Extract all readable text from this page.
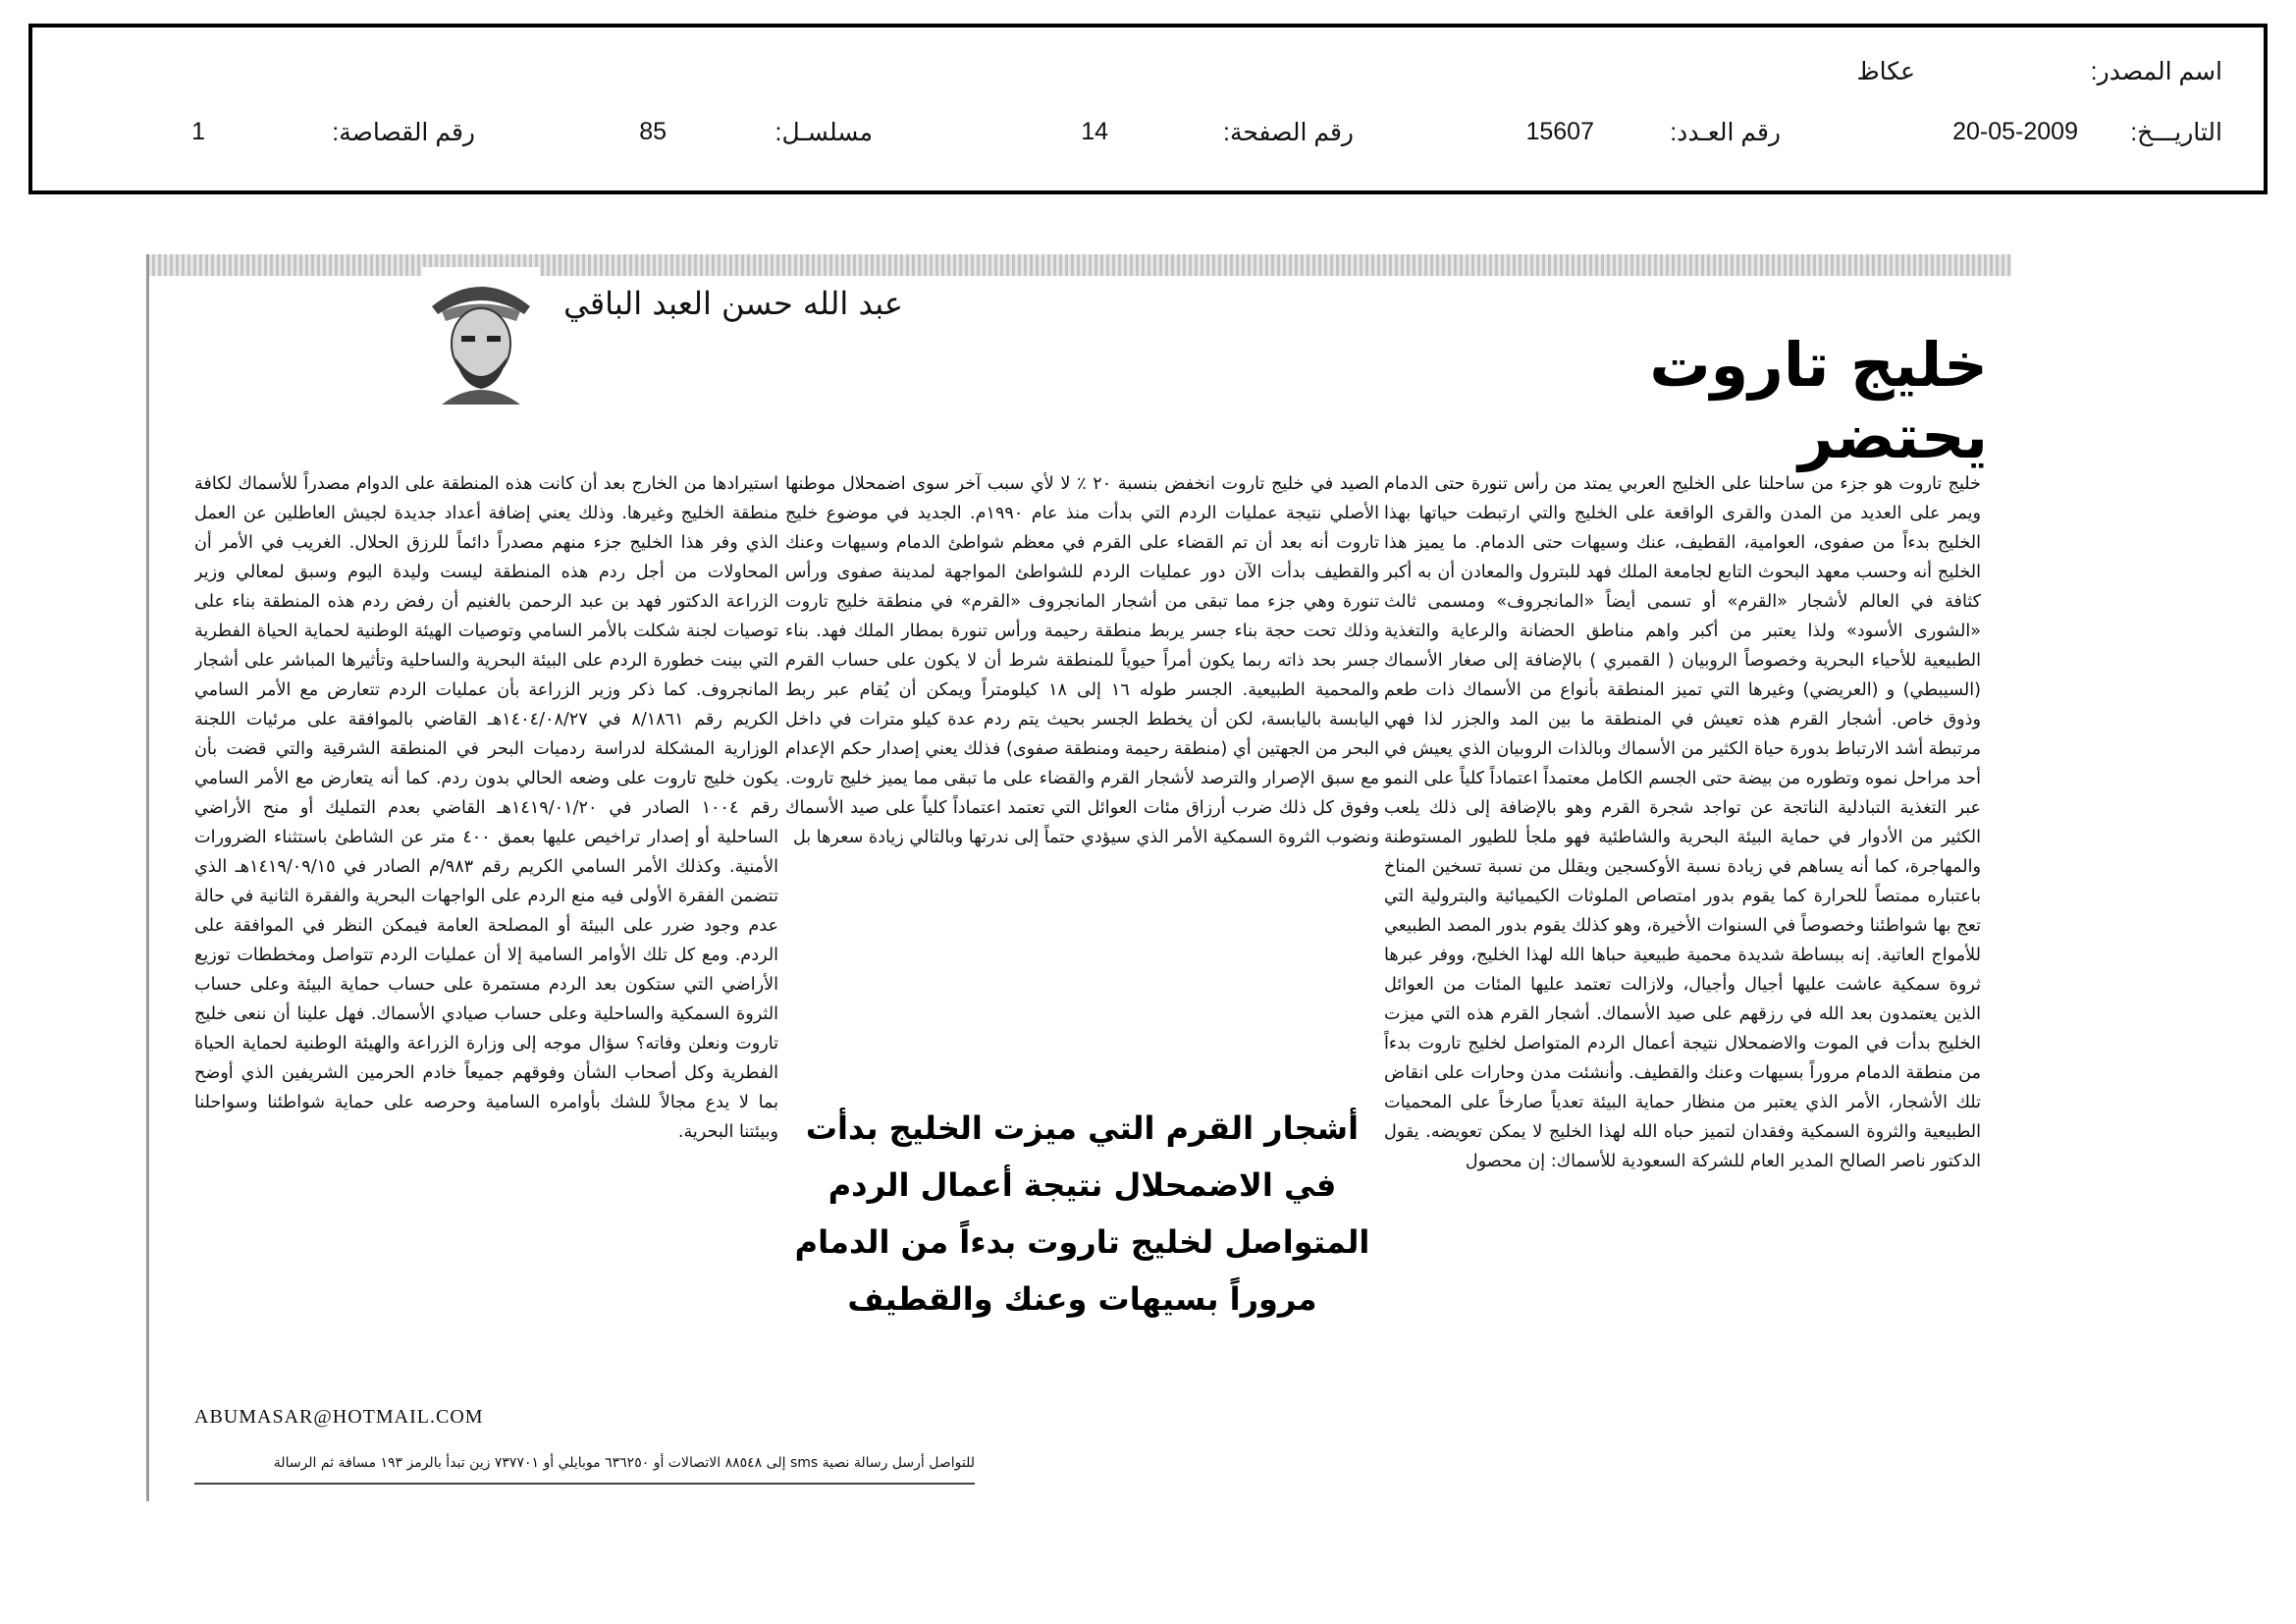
اسم المصدر:
عكاظ
التاريـــخ:
20-05-2009
رقم العـدد:
15607
رقم الصفحة:
14
مسلسـل:
85
رقم القصاصة:
1
خليج تاروت يحتضر
عبد الله حسن العبد الباقي

خليج تاروت هو جزء من ساحلنا على الخليج العربي يمتد من رأس تنورة حتى الدمام ويمر على العديد من المدن والقرى الواقعة على الخليج والتي ارتبطت حياتها بهذا الخليج بدءاً من صفوى، العوامية، القطيف، عنك وسيهات حتى الدمام. ما يميز هذا الخليج أنه وحسب معهد البحوث التابع لجامعة الملك فهد للبترول والمعادن أن به أكبر كثافة في العالم لأشجار «القرم» أو تسمى أيضاً «المانجروف» ومسمى ثالث «الشورى الأسود» ولذا يعتبر من أكبر واهم مناطق الحضانة والرعاية والتغذية الطبيعية للأحياء البحرية وخصوصاً الروبيان ( القمبري ) بالإضافة إلى صغار الأسماك (السيبطي) و (العريضي) وغيرها التي تميز المنطقة بأنواع من الأسماك ذات طعم وذوق خاص. أشجار القرم هذه تعيش في المنطقة ما بين المد والجزر لذا فهي مرتبطة أشد الارتباط بدورة حياة الكثير من الأسماك وبالذات الروبيان الذي يعيش في أحد مراحل نموه وتطوره من بيضة حتى الجسم الكامل معتمداً اعتماداً كلياً على النمو عبر التغذية التبادلية الناتجة عن تواجد شجرة القرم وهو بالإضافة إلى ذلك يلعب الكثير من الأدوار في حماية البيئة البحرية والشاطئية فهو ملجأ للطيور المستوطنة والمهاجرة، كما أنه يساهم في زيادة نسبة الأوكسجين ويقلل من نسبة تسخين المناخ باعتباره ممتصاً للحرارة كما يقوم بدور امتصاص الملوثات الكيميائية والبترولية التي تعج بها شواطئنا وخصوصاً في السنوات الأخيرة، وهو كذلك يقوم بدور المصد الطبيعي للأمواج العاتية. إنه ببساطة شديدة محمية طبيعية حباها الله لهذا الخليج، ووفر عبرها ثروة سمكية عاشت عليها أجيال وأجيال، ولازالت تعتمد عليها المئات من العوائل الذين يعتمدون بعد الله في رزقهم على صيد الأسماك. أشجار القرم هذه التي ميزت الخليج بدأت في الموت والاضمحلال نتيجة أعمال الردم المتواصل لخليج تاروت بدءاً من منطقة الدمام مروراً بسيهات وعنك والقطيف. وأنشئت مدن وحارات على انقاض تلك الأشجار، الأمر الذي يعتبر من منظار حماية البيئة تعدياً صارخاً على المحميات الطبيعية والثروة السمكية وفقدان لتميز حباه الله لهذا الخليج لا يمكن تعويضه. يقول الدكتور ناصر الصالح المدير العام للشركة السعودية للأسماك: إن محصول

الصيد في خليج تاروت انخفض بنسبة ٢٠ ٪ لا لأي سبب آخر سوى اضمحلال موطنها الأصلي نتيجة عمليات الردم التي بدأت منذ عام ١٩٩٠م. الجديد في موضوع خليج تاروت أنه بعد أن تم القضاء على القرم في معظم شواطئ الدمام وسيهات وعنك والقطيف بدأت الآن دور عمليات الردم للشواطئ المواجهة لمدينة صفوى ورأس تنورة وهي جزء مما تبقى من أشجار المانجروف «القرم» في منطقة خليج تاروت وذلك تحت حجة بناء جسر يربط منطقة رحيمة ورأس تنورة بمطار الملك فهد. بناء جسر بحد ذاته ربما يكون أمراً حيوياً للمنطقة شرط أن لا يكون على حساب القرم والمحمية الطبيعية. الجسر طوله ١٦ إلى ١٨ كيلومتراً ويمكن أن يُقام عبر ربط اليابسة باليابسة، لكن أن يخطط الجسر بحيث يتم ردم عدة كيلو مترات في داخل البحر من الجهتين أي (منطقة رحيمة ومنطقة صفوى) فذلك يعني إصدار حكم الإعدام مع سبق الإصرار والترصد لأشجار القرم والقضاء على ما تبقى مما يميز خليج تاروت. وفوق كل ذلك ضرب أرزاق مئات العوائل التي تعتمد اعتماداً كلياً على صيد الأسماك ونضوب الثروة السمكية الأمر الذي سيؤدي حتماً إلى ندرتها وبالتالي زيادة سعرها بل

استيرادها من الخارج بعد أن كانت هذه المنطقة على الدوام مصدراً للأسماك لكافة منطقة الخليج وغيرها. وذلك يعني إضافة أعداد جديدة لجيش العاطلين عن العمل الذي وفر هذا الخليج جزء منهم مصدراً دائماً للرزق الحلال. الغريب في الأمر أن المحاولات من أجل ردم هذه المنطقة ليست وليدة اليوم وسبق لمعالي وزير الزراعة الدكتور فهد بن عبد الرحمن بالغنيم أن رفض ردم هذه المنطقة بناء على توصيات لجنة شكلت بالأمر السامي وتوصيات الهيئة الوطنية لحماية الحياة الفطرية التي بينت خطورة الردم على البيئة البحرية والساحلية وتأثيرها المباشر على أشجار المانجروف. كما ذكر وزير الزراعة بأن عمليات الردم تتعارض مع الأمر السامي الكريم رقم ٨/١٨٦١ في ١٤٠٤/٠٨/٢٧هـ القاضي بالموافقة على مرئيات اللجنة الوزارية المشكلة لدراسة ردميات البحر في المنطقة الشرقية والتي قضت بأن يكون خليج تاروت على وضعه الحالي بدون ردم. كما أنه يتعارض مع الأمر السامي رقم ١٠٠٤ الصادر في ١٤١٩/٠١/٢٠هـ القاضي بعدم التمليك أو منح الأراضي الساحلية أو إصدار تراخيص عليها بعمق ٤٠٠ متر عن الشاطئ باستثناء الضرورات الأمنية. وكذلك الأمر السامي الكريم رقم ٩٨٣/م الصادر في ١٤١٩/٠٩/١٥هـ الذي تتضمن الفقرة الأولى فيه منع الردم على الواجهات البحرية والفقرة الثانية في حالة عدم وجود ضرر على البيئة أو المصلحة العامة فيمكن النظر في الموافقة على الردم. ومع كل تلك الأوامر السامية إلا أن عمليات الردم تتواصل ومخططات توزيع الأراضي التي ستكون بعد الردم مستمرة على حساب حماية البيئة وعلى حساب الثروة السمكية والساحلية وعلى حساب صيادي الأسماك. فهل علينا أن ننعى خليج تاروت ونعلن وفاته؟ سؤال موجه إلى وزارة الزراعة والهيئة الوطنية لحماية الحياة الفطرية وكل أصحاب الشأن وفوقهم جميعاً خادم الحرمين الشريفين الذي أوضح بما لا يدع مجالاً للشك بأوامره السامية وحرصه على حماية شواطئنا وسواحلنا وبيئتنا البحرية. أشجار القرم التي ميزت الخليج بدأت في الاضمحلال نتيجة أعمال الردم المتواصل لخليج تاروت بدءاً من الدمام مروراً بسيهات وعنك والقطيف
ABUMASAR@HOTMAIL.COM
للتواصل أرسل رسالة نصية sms إلى ٨٨٥٤٨ الاتصالات أو ٦٣٦٢٥٠ موبايلي أو ٧٣٧٧٠١ زين تبدأ بالرمز ١٩٣ مسافة ثم الرسالة
